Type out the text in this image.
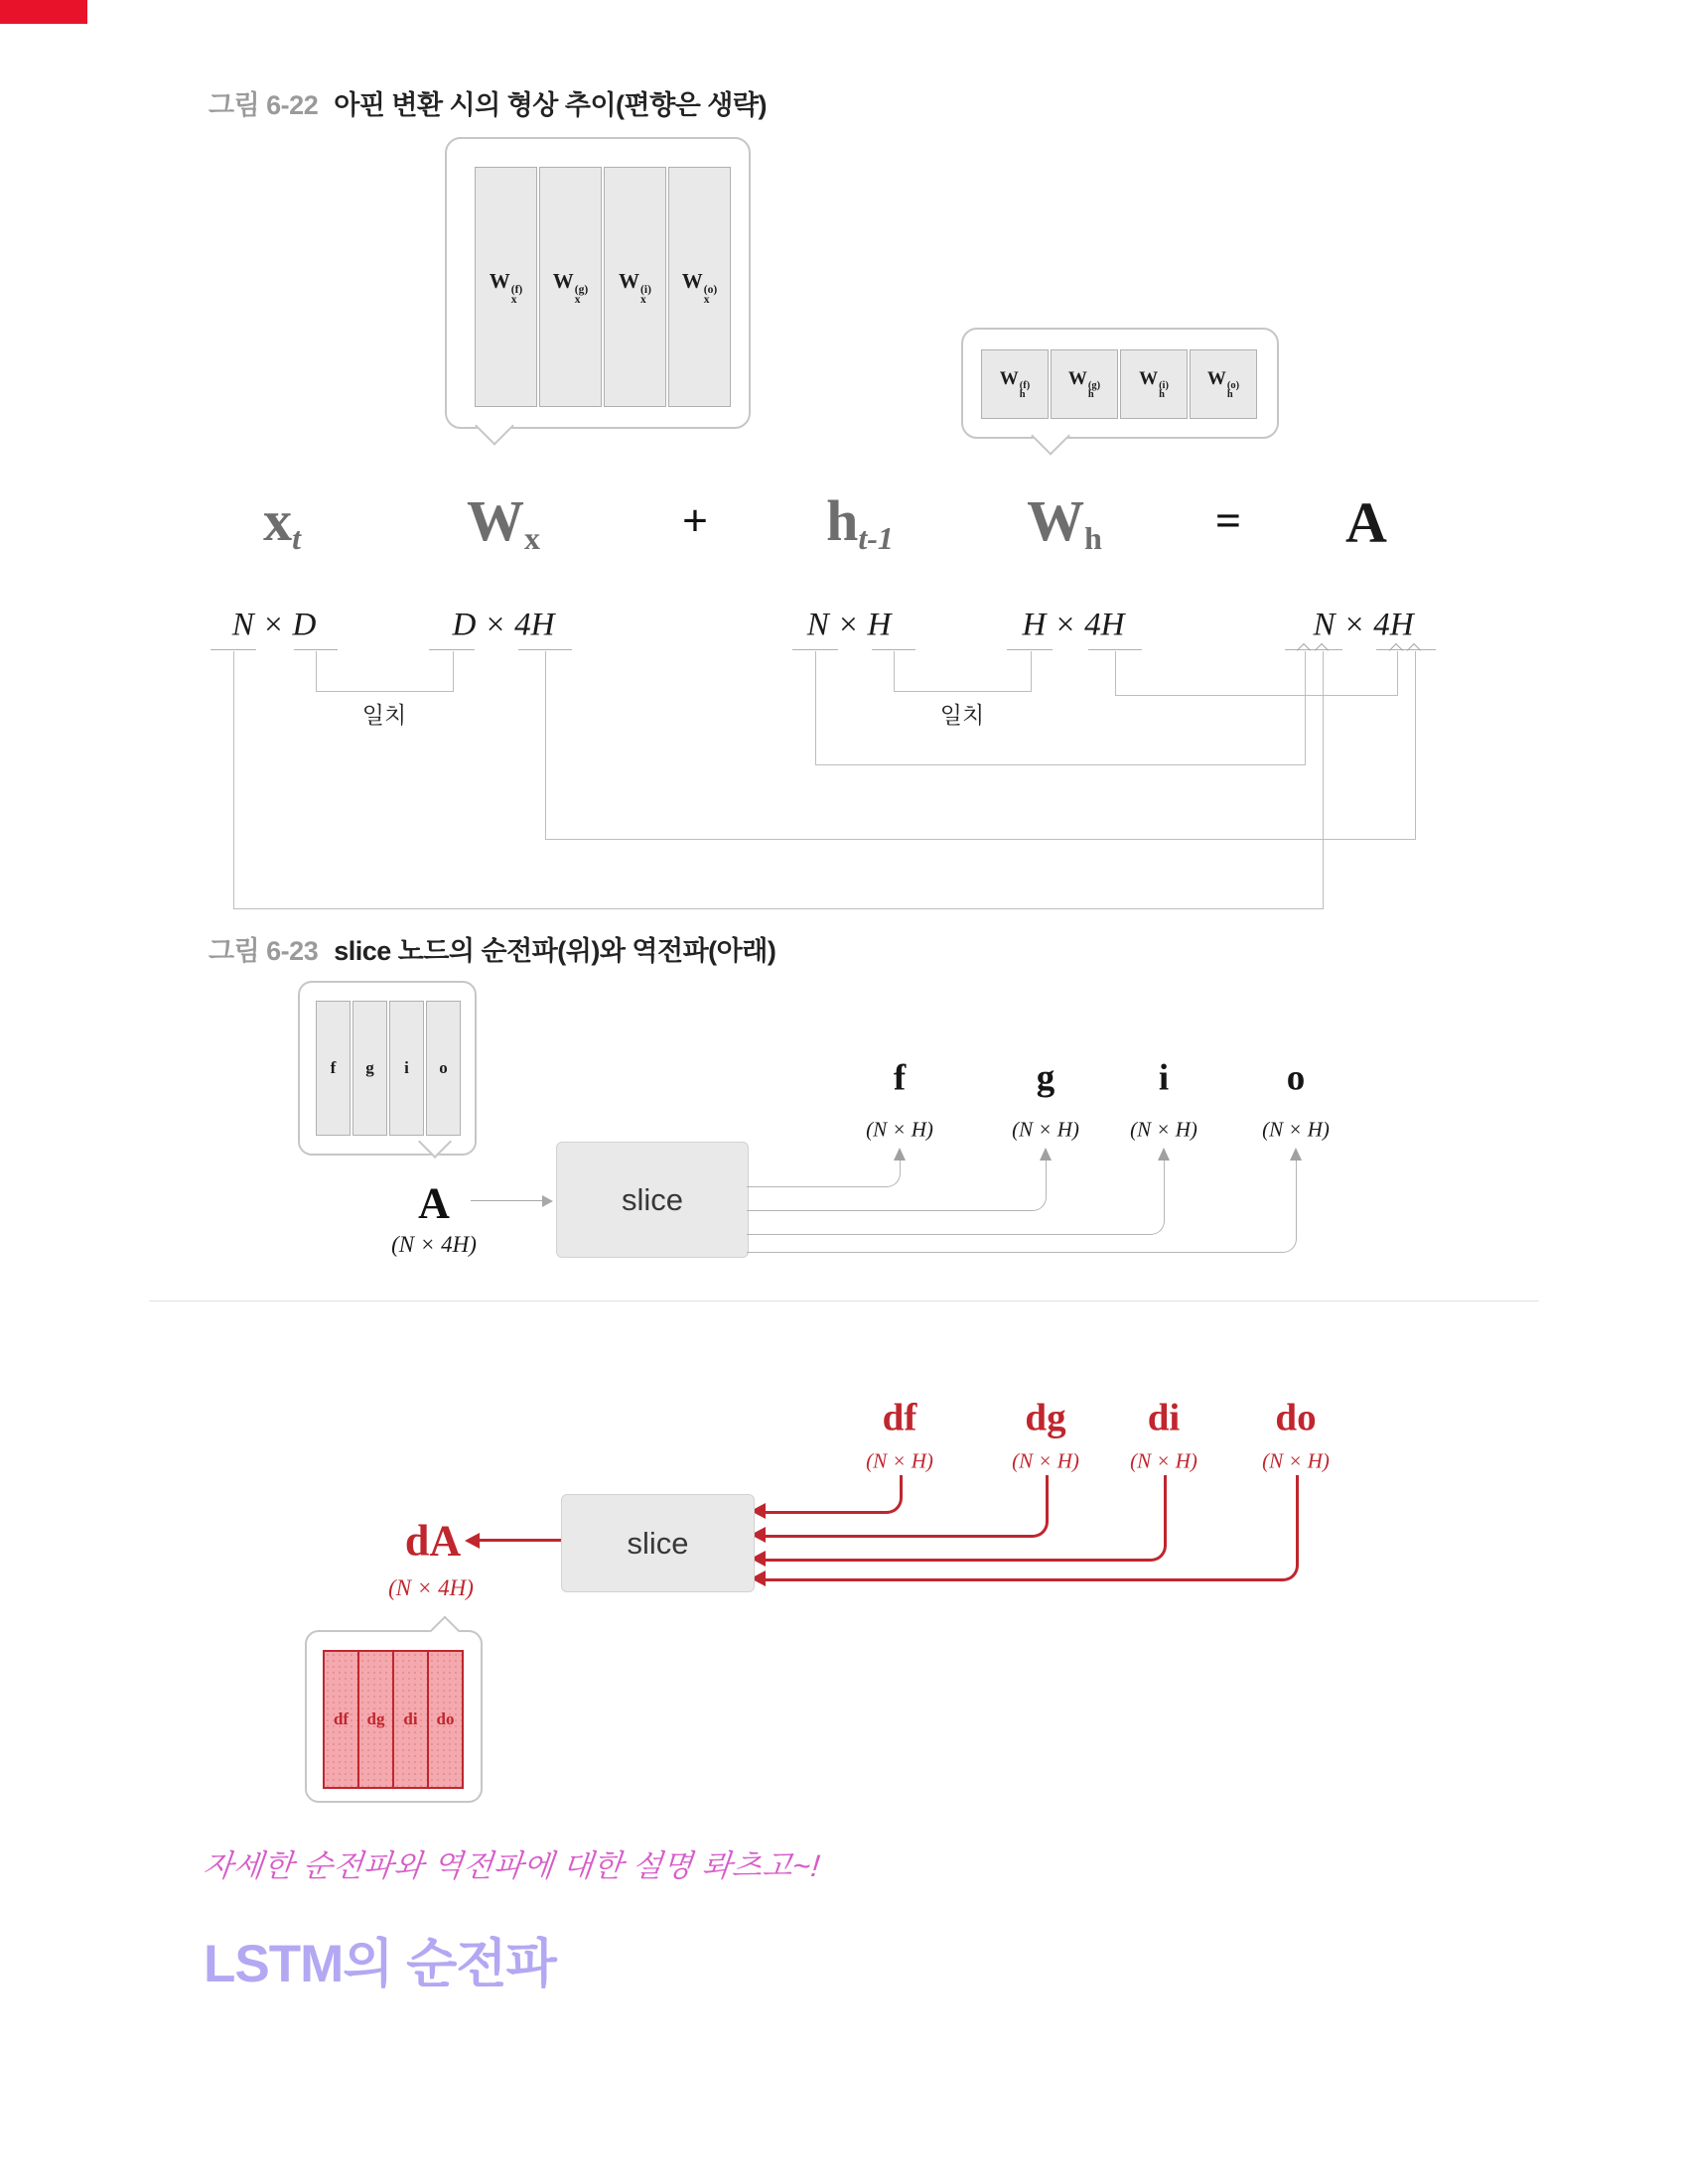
그림 6-22 아핀 변환 시의 형상 추이(편향은 생략)
W (f)
x
W (g)
x
W (i)
x
W (o)
x
W (f)
h
W (g)
h
W (i)
h
W (o)
h
xt	Wx	+ ht-1 Wh = A
N × D	D × 4H	N × H	H × 4H	N × 4H
일치	일치
그림 6-23 slice 노드의 순전파(위)와 역전파(아래)
f g i o
A
(N × 4H)
slice
f	g	i	o
(N × H)	(N × H) (N × H)	(N × H)
df	dg di do
(N × H)	(N × H) (N × H)	(N × H)
slice
dA
(N × 4H)
df dg di do
자세한 순전파와 역전파에 대한 설명 롸츠고~!
LSTM의 순전파
